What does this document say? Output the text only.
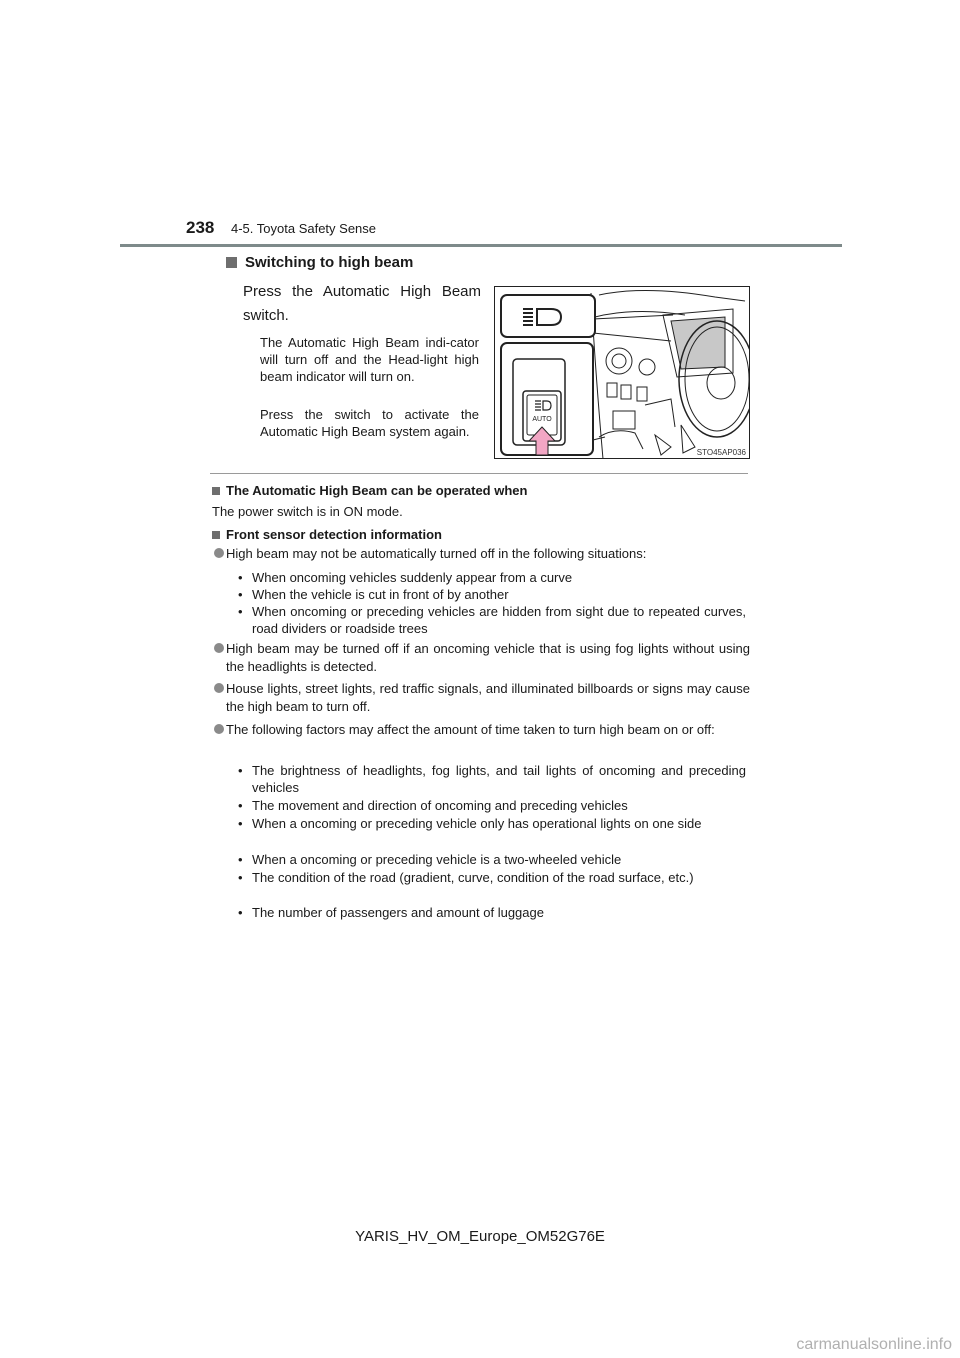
238 4-5. Toyota Safety Sense
Switching to high beam
Press the Automatic High Beam switch.

The Automatic High Beam indi-cator will turn off and the Head-light high beam indicator will turn on.

Press the switch to activate the Automatic High Beam system again.

AUTO
STO45AP036
The Automatic High Beam can be operated when

The power switch is in ON mode.

Front sensor detection information
High beam may not be automatically turned off in the following situations:
• When oncoming vehicles suddenly appear from a curve
• When the vehicle is cut in front of by another
• When oncoming or preceding vehicles are hidden from sight due to repeated curves, road dividers or roadside trees
High beam may be turned off if an oncoming vehicle that is using fog lights without using the headlights is detected.
House lights, street lights, red traffic signals, and illuminated billboards or signs may cause the high beam to turn off.
The following factors may affect the amount of time taken to turn high beam on or off:
• The brightness of headlights, fog lights, and tail lights of oncoming and preceding vehicles
• The movement and direction of oncoming and preceding vehicles
• When a oncoming or preceding vehicle only has operational lights on one side
• When a oncoming or preceding vehicle is a two-wheeled vehicle
• The condition of the road (gradient, curve, condition of the road surface, etc.)
• The number of passengers and amount of luggage
YARIS_HV_OM_Europe_OM52G76E
carmanualsonline.info
